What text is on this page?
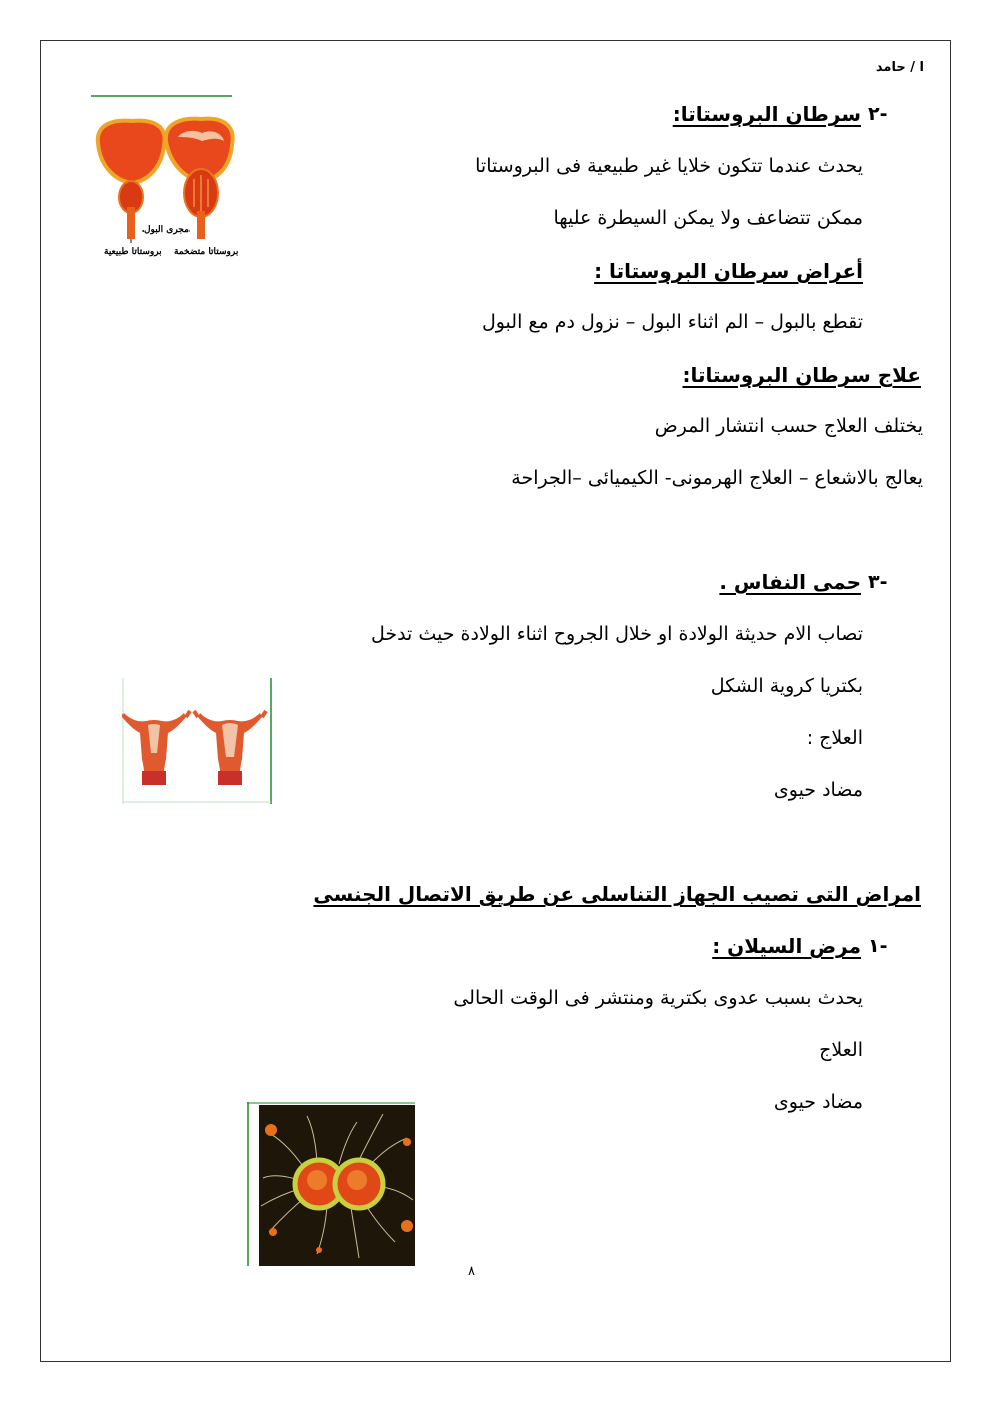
ا / حامد
٢-
سرطان البروستاتا:
يحدث عندما تتكون خلايا غير طبيعية فى البروستاتا
ممكن تتضاعف ولا يمكن السيطرة عليها
أعراض سرطان البروستاتا :
تقطع بالبول – الم اثناء البول – نزول دم مع البول
علاج سرطان البروستاتا:
يختلف العلاج حسب انتشار المرض
يعالج بالاشعاع – العلاج الهرمونى- الكيميائى –الجراحة
مجرى البول
بروستاتا طبيعية بروستاتا متضخمة
٣-
حمى النفاس .
تصاب الام حديثة الولادة او خلال الجروح اثناء الولادة حيث تدخل
بكتريا كروية الشكل
العلاج :
مضاد حيوى
امراض التى تصيب الجهاز التناسلى عن طريق الاتصال الجنسى
١-
مرض السيلان :
يحدث بسبب عدوى بكترية ومنتشر فى الوقت الحالى
العلاج
مضاد حيوى
٨
